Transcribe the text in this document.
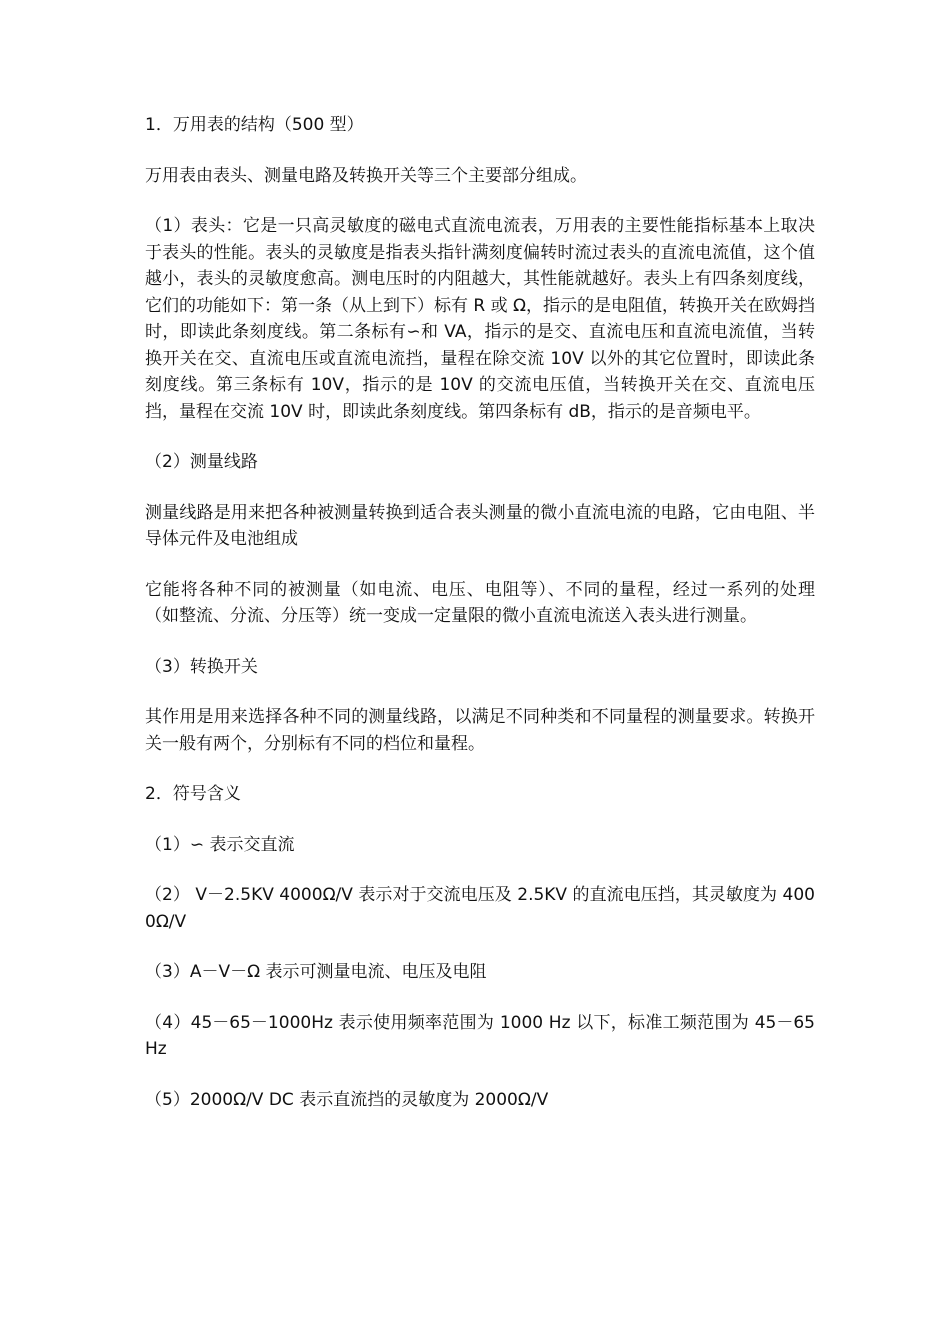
1．万用表的结构（500 型）

万用表由表头、测量电路及转换开关等三个主要部分组成。

（1）表头：它是一只高灵敏度的磁电式直流电流表，万用表的主要性能指标基本上取决于表头的性能。表头的灵敏度是指表头指针满刻度偏转时流过表头的直流电流值，这个值越小，表头的灵敏度愈高。测电压时的内阻越大，其性能就越好。表头上有四条刻度线，它们的功能如下：第一条（从上到下）标有 R 或 Ω，指示的是电阻值，转换开关在欧姆挡时，即读此条刻度线。第二条标有∽和 VA，指示的是交、直流电压和直流电流值，当转换开关在交、直流电压或直流电流挡，量程在除交流 10V 以外的其它位置时，即读此条刻度线。第三条标有 10V，指示的是 10V 的交流电压值，当转换开关在交、直流电压挡，量程在交流 10V 时，即读此条刻度线。第四条标有 dB，指示的是音频电平。

（2）测量线路

测量线路是用来把各种被测量转换到适合表头测量的微小直流电流的电路，它由电阻、半导体元件及电池组成

它能将各种不同的被测量（如电流、电压、电阻等）、不同的量程，经过一系列的处理（如整流、分流、分压等）统一变成一定量限的微小直流电流送入表头进行测量。

（3）转换开关

其作用是用来选择各种不同的测量线路，以满足不同种类和不同量程的测量要求。转换开关一般有两个，分别标有不同的档位和量程。

2．符号含义

（1）∽ 表示交直流

（2） V－2.5KV 4000Ω/V 表示对于交流电压及 2.5KV 的直流电压挡，其灵敏度为 4000Ω/V

（3）A－V－Ω 表示可测量电流、电压及电阻

（4）45－65－1000Hz 表示使用频率范围为 1000 Hz 以下，标准工频范围为 45－65Hz

（5）2000Ω/V DC 表示直流挡的灵敏度为 2000Ω/V
